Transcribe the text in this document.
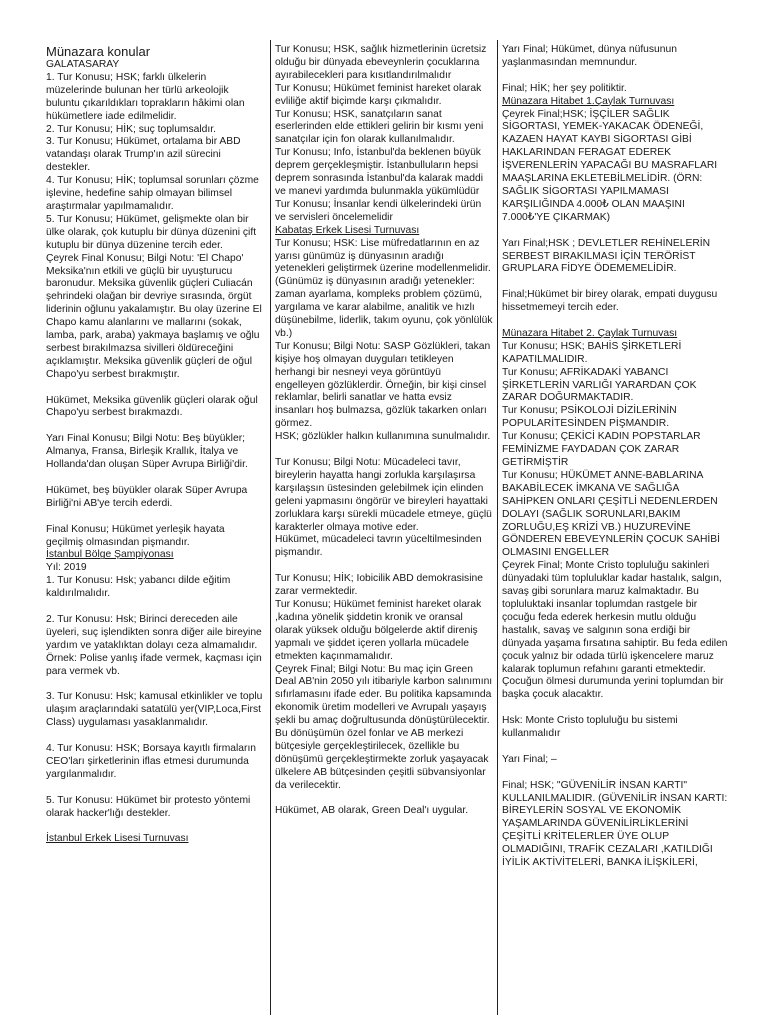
Münazara konular
GALATASARAY
1. Tur Konusu; HSK; farklı ülkelerin müzelerinde bulunan her türlü arkeolojik buluntu çıkarıldıkları toprakların hâkimi olan hükümetlere iade edilmelidir.
2. Tur Konusu; HİK; suç toplumsaldır.
3. Tur Konusu; Hükümet, ortalama bir ABD vatandaşı olarak Trump'ın azil sürecini destekler.
4. Tur Konusu; HİK; toplumsal sorunları çözme işlevine, hedefine sahip olmayan bilimsel araştırmalar yapılmamalıdır.
5. Tur Konusu; Hükümet, gelişmekte olan bir ülke olarak, çok kutuplu bir dünya düzenini çift kutuplu bir dünya düzenine tercih eder.
Çeyrek Final Konusu; Bilgi Notu: 'El Chapo' Meksika'nın etkili ve güçlü bir uyuşturucu baronudur. Meksika güvenlik güçleri Culiacán şehrindeki olağan bir devriye sırasında, örgüt liderinin oğlunu yakalamıştır. Bu olay üzerine El Chapo kamu alanlarını ve mallarını (sokak, lamba, park, araba) yakmaya başlamış ve oğlu serbest bırakılmazsa sivilleri öldüreceğini açıklamıştır. Meksika güvenlik güçleri de oğul Chapo'yu serbest bırakmıştır.

Hükümet, Meksika güvenlik güçleri olarak oğul Chapo'yu serbest bırakmazdı.

Yarı Final Konusu; Bilgi Notu: Beş büyükler; Almanya, Fransa, Birleşik Krallık, İtalya ve Hollanda'dan oluşan Süper Avrupa Birliği'dir.

Hükümet, beş büyükler olarak Süper Avrupa Birliği'ni AB'ye tercih ederdi.

Final Konusu; Hükümet yerleşik hayata geçilmiş olmasından pişmandır.
İstanbul Bölge Şampiyonası
Yıl: 2019
1. Tur Konusu: Hsk; yabancı dilde eğitim kaldırılmalıdır.

2. Tur Konusu: Hsk; Birinci dereceden aile üyeleri, suç işlendikten sonra diğer aile bireyine yardım ve yataklıktan dolayı ceza almamalıdır. Örnek: Polise yanlış ifade vermek, kaçması için para vermek vb.

3. Tur Konusu: Hsk; kamusal etkinlikler ve toplu ulaşım araçlarındaki satatülü yer(VIP,Loca,First Class) uygulaması yasaklanmalıdır.

4. Tur Konusu: HSK; Borsaya kayıtlı firmaların CEO'ları şirketlerinin iflas etmesi durumunda yargılanmalıdır.

5. Tur Konusu: Hükümet bir protesto yöntemi olarak hacker'lığı destekler.
İstanbul Erkek Lisesi Turnuvası
Tur Konusu; HSK, sağlık hizmetlerinin ücretsiz olduğu bir dünyada ebeveynlerin çocuklarına ayırabilecekleri para kısıtlandırılmalıdır
Tur Konusu; Hükümet feminist hareket olarak evliliğe aktif biçimde karşı çıkmalıdır.
Tur Konusu; HSK, sanatçıların sanat eserlerinden elde ettikleri gelirin bir kısmı yeni sanatçılar için fon olarak kullanılmalıdır.
Tur Konusu; Info, İstanbul'da beklenen büyük deprem gerçekleşmiştir. İstanbulluların hepsi deprem sonrasında İstanbul'da kalarak maddi ve manevi yardımda bulunmakla yükümlüdür
Tur Konusu; İnsanlar kendi ülkelerindeki ürün ve servisleri öncelemelidir
Kabataş Erkek Lisesi Turnuvası
Tur Konusu; HSK: Lise müfredatlarının en az yarısı günümüz iş dünyasının aradığı yetenekleri geliştirmek üzerine modellenmelidir. (Günümüz iş dünyasının aradığı yetenekler: zaman ayarlama, kompleks problem çözümü, yargılama ve karar alabilme, analitik ve hızlı düşünebilme, liderlik, takım oyunu, çok yönlülük vb.)
Tur Konusu; Bilgi Notu: SASP Gözlükleri, takan kişiye hoş olmayan duyguları tetikleyen herhangi bir nesneyi veya görüntüyü engelleyen gözlüklerdir. Örneğin, bir kişi cinsel reklamlar, belirli sanatlar ve hatta evsiz insanları hoş bulmazsa, gözlük takarken onları görmez.
HSK; gözlükler halkın kullanımına sunulmalıdır.

Tur Konusu; Bilgi Notu: Mücadeleci tavır, bireylerin hayatta hangi zorlukla karşılaşırsa karşılaşsın üstesinden gelebilmek için elinden geleni yapmasını öngörür ve bireyleri hayattaki zorluklara karşı sürekli mücadele etmeye, güçlü karakterler olmaya motive eder.
Hükümet, mücadeleci tavrın yüceltilmesinden pişmandır.

Tur Konusu; HİK; Iobicilik ABD demokrasisine zarar vermektedir.
Tur Konusu; Hükümet feminist hareket olarak ,kadına yönelik şiddetin kronik ve oransal olarak yüksek olduğu bölgelerde aktif direniş yapmalı ve şiddet içeren yollarla mücadele etmekten kaçınmamalıdır.
Çeyrek Final; Bilgi Notu: Bu maç için Green Deal AB'nin 2050 yılı itibariyle karbon salınımını sıfırlamasını ifade eder. Bu politika kapsamında ekonomik üretim modelleri ve Avrupalı yaşayış şekli bu amaç doğrultusunda dönüştürülecektir. Bu dönüşümün özel fonlar ve AB merkezi bütçesiyle gerçekleştirilecek, özellikle bu dönüşümü gerçekleştirmekte zorluk yaşayacak ülkelere AB bütçesinden çeşitli sübvansiyonlar da verilecektir.

Hükümet, AB olarak, Green Deal'ı uygular.
Yarı Final; Hükümet, dünya nüfusunun yaşlanmasından memnundur.

Final; HİK; her şey politiktir.
Münazara Hitabet 1.Çaylak Turnuvası
Çeyrek Final;HSK; İŞÇİLER SAĞLIK SİGORTASI, YEMEK-YAKACAK ÖDENEĞİ, KAZAEN HAYAT KAYBI SİGORTASI GİBİ HAKLARINDAN FERAGAT EDEREK İŞVERENLERİN YAPACAĞI BU MASRAFLARI MAAŞLARINA EKLETEBİLMELİDİR. (ÖRN: SAĞLIK SİGORTASI YAPILMAMASI KARŞILIĞINDA 4.000₺ OLAN MAAŞINI 7.000₺'YE ÇIKARMAK)

Yarı Final;HSK ; DEVLETLER REHİNELERİN SERBEST BIRAKILMASI İÇİN TERÖRİST GRUPLARA FİDYE ÖDEMEMELİDİR.

Final;Hükümet bir birey olarak, empati duygusu hissetmemeyi tercih eder.

Münazara Hitabet 2. Çaylak Turnuvası
Tur Konusu; HSK; BAHİS ŞİRKETLERİ KAPATILMALIDIR.
Tur Konusu; AFRİKADAKİ YABANCI ŞİRKETLERİN VARLIĞI YARARDAN ÇOK ZARAR DOĞURMAKTADIR.
Tur Konusu; PSİKOLOJİ DİZİLERİNİN POPULARİTESİNDEN PİŞMANDIR.
Tur Konusu; ÇEKİCİ KADIN POPSTARLAR FEMİNİZME FAYDADAN ÇOK ZARAR GETİRMİŞTİR
Tur Konusu; HÜKÜMET ANNE-BABLARINA BAKABİLECEK İMKANA VE SAĞLIĞA SAHİPKEN ONLARI ÇEŞİTLİ NEDENLERDEN DOLAYI (SAĞLIK SORUNLARI,BAKIM ZORLUĞU,EŞ KRİZİ VB.) HUZUREVİNE GÖNDEREN EBEVEYNLERİN ÇOCUK SAHİBİ OLMASINI ENGELLER
Çeyrek Final; Monte Cristo topluluğu sakinleri dünyadaki tüm topluluklar kadar hastalık, salgın, savaş gibi sorunlara maruz kalmaktadır. Bu topluluktaki insanlar toplumdan rastgele bir çocuğu feda ederek herkesin mutlu olduğu hastalık, savaş ve salgının sona erdiği bir dünyada yaşama fırsatına sahiptir. Bu feda edilen çocuk yalnız bir odada türlü işkencelere maruz kalarak toplumun refahını garanti etmektedir. Çocuğun ölmesi durumunda yerini toplumdan bir başka çocuk alacaktır.

Hsk: Monte Cristo topluluğu bu sistemi kullanmalıdır

Yarı Final; –

Final; HSK; "GÜVENİLİR İNSAN KARTI" KULLANILMALIDIR. (GÜVENİLİR İNSAN KARTI: BİREYLERİN SOSYAL VE EKONOMİK YAŞAMLARINDA GÜVENİLİRLİKLERİNİ ÇEŞİTLİ KRİTELERLER ÜYE OLUP OLMADIĞINI, TRAFİK CEZALARI ,KATILDIĞI İYİLİK AKTİVİTELERİ, BANKA İLİŞKİLERİ,
